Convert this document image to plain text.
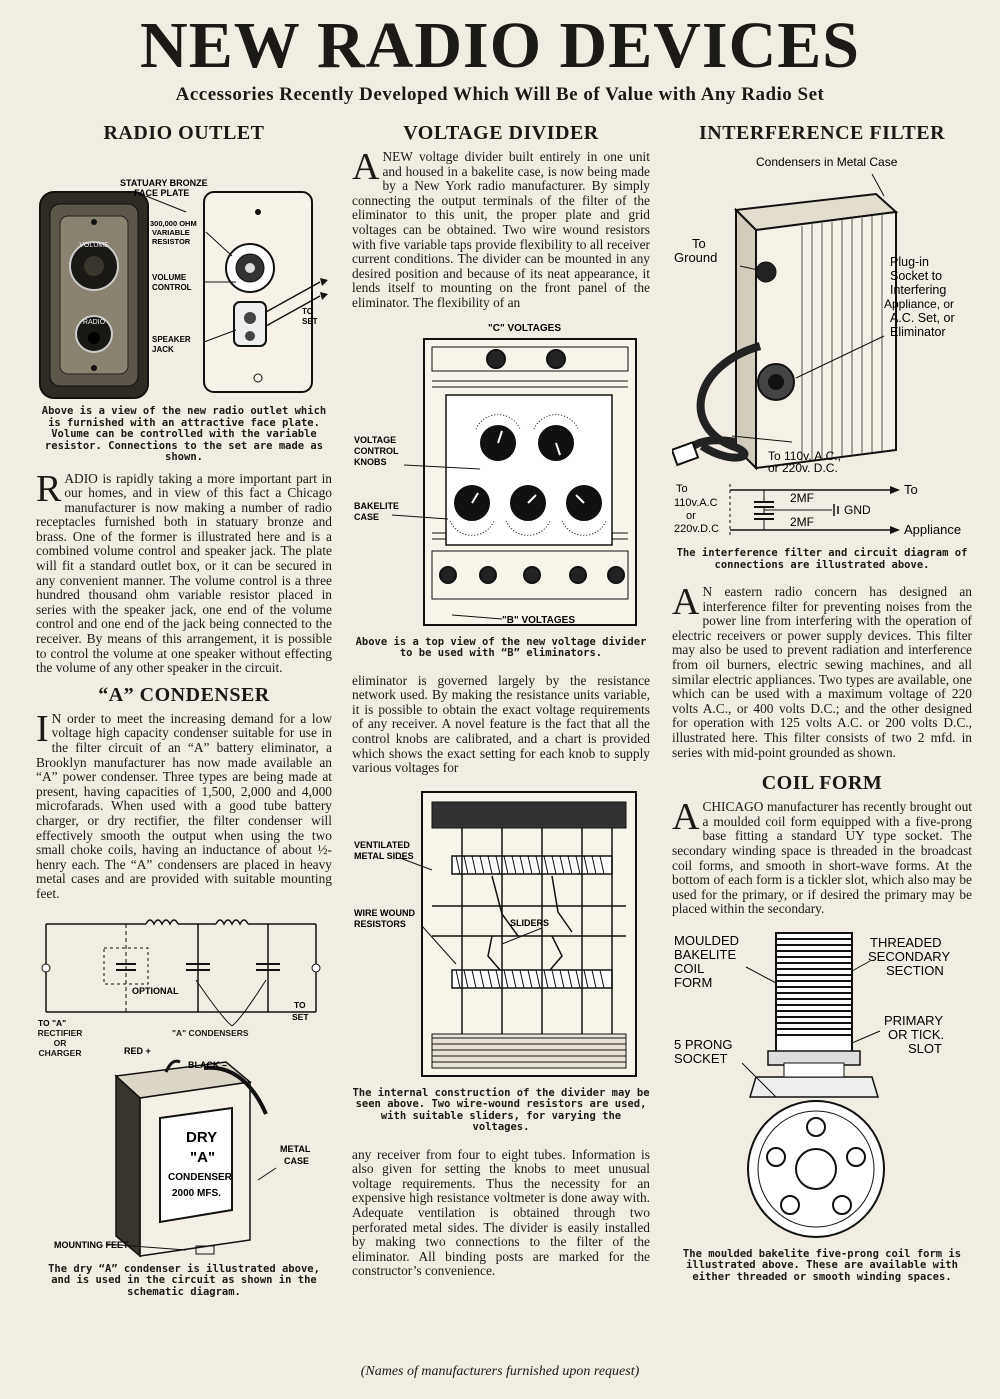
NEW RADIO DEVICES
Accessories Recently Developed Which Will Be of Value with Any Radio Set
RADIO OUTLET
VOLUME
RADIO
STATUARY BRONZE
FACE PLATE
300,000 OHM
VARIABLE
RESISTOR
VOLUME
CONTROL
SPEAKER
JACK
TO
SET

Above is a view of the new radio outlet which is furnished with an attractive face plate. Volume can be controlled with the variable resistor. Connections to the set are made as shown.

RADIO is rapidly taking a more important part in our homes, and in view of this fact a Chicago manufacturer is now making a number of radio receptacles furnished both in statuary bronze and brass. One of the former is illustrated here and is a combined volume control and speaker jack. The plate will fit a standard outlet box, or it can be secured in any convenient manner. The volume control is a three hundred thousand ohm variable resistor placed in series with the speaker jack, one end of the volume control and one end of the jack being connected to the receiver. By means of this arrangement, it is possible to control the volume at one speaker without effecting the volume of any other speaker in the circuit.

“A” CONDENSER

I N order to meet the increasing demand for a low voltage high capacity condenser suitable for use in the filter circuit of an “A” battery eliminator, a Brooklyn manufacturer has now made available an “A” power condenser. Three types are being made at present, having capacities of 1,500, 2,000 and 4,000 microfarads. When used with a good tube battery charger, or dry rectifier, the filter condenser will effectively smooth the output when using the two small choke coils, having an inductance of about ½-henry each. The “A” condensers are placed in heavy metal cases and are provided with suitable mounting feet.

OPTIONAL
TO "A"
TO
SET
RECTIFIER
OR
CHARGER
"A" CONDENSERS
DRY
"A"
CONDENSER
2000 MFS.
RED +
BLACK –
METAL
CASE
MOUNTING FEET

The dry “A” condenser is illustrated above, and is used in the circuit as shown in the schematic diagram.

VOLTAGE DIVIDER

ANEW voltage divider built entirely in one unit and housed in a bakelite case, is now being made by a New York radio manufacturer. By simply connecting the output terminals of the filter of the eliminator to this unit, the proper plate and grid voltages can be obtained. Two wire wound resistors with five variable taps provide flexibility to all receiver current conditions. The divider can be mounted in any desired position and because of its neat appearance, it lends itself to mounting on the front panel of the eliminator. The flexibility of an

"C" VOLTAGES
VOLTAGE
CONTROL
KNOBS
BAKELITE
CASE
"B" VOLTAGES

Above is a top view of the new voltage divider to be used with “B” eliminators.

eliminator is governed largely by the resistance network used. By making the resistance units variable, it is possible to obtain the exact voltage requirements of any receiver. A novel feature is the fact that all the control knobs are calibrated, and a chart is provided which shows the exact setting for each knob to supply various voltages for

VENTILATED
METAL SIDES
WIRE WOUND
RESISTORS	SLIDERS

The internal construction of the divider may be seen above. Two wire-wound resistors are used, with suitable sliders, for varying the voltages.

any receiver from four to eight tubes. Information is also given for setting the knobs to meet unusual voltage requirements. Thus the necessity for an expensive high resistance voltmeter is done away with. Adequate ventilation is obtained through two perforated metal sides. The divider is easily installed by making two connections to the filter of the eliminator. All binding posts are marked for the constructor’s convenience.

INTERFERENCE FILTER
Condensers in Metal Case
To
Ground	Plug-in
Socket to
Interfering
Appliance, or
A.C. Set, or
Eliminator
To 110v. A.C.,
or 220v. D.C.
To
110v.A.C
or
220v.D.C
2MF
2MF
GND
To
Appliance

The interference filter and circuit diagram of connections are illustrated above.

A N eastern radio concern has designed an interference filter for preventing noises from the power line from interfering with the operation of electric receivers or power supply devices. This filter may also be used to prevent radiation and interference from oil burners, electric sewing machines, and all similar electric appliances. Two types are available, one which can be used with a maximum voltage of 220 volts A.C., or 400 volts D.C.; and the other designed for operation with 125 volts A.C. or 200 volts D.C., illustrated here. This filter consists of two 2 mfd. in series with mid-point grounded as shown.

COIL FORM

ACHICAGO manufacturer has recently brought out a moulded coil form equipped with a five-prong base fitting a standard UY type socket. The secondary winding space is threaded in the broadcast coil forms, and smooth in short-wave forms. At the bottom of each form is a tickler slot, which also may be used for the primary, or if desired the primary may be placed within the secondary.

MOULDED
BAKELITE
COIL
FORM
THREADED
SECONDARY
SECTION
PRIMARY
OR TICK.
SLOT
5 PRONG
SOCKET

The moulded bakelite five-prong coil form is illustrated above. These are available with either threaded or smooth winding spaces.

(Names of manufacturers furnished upon request)
